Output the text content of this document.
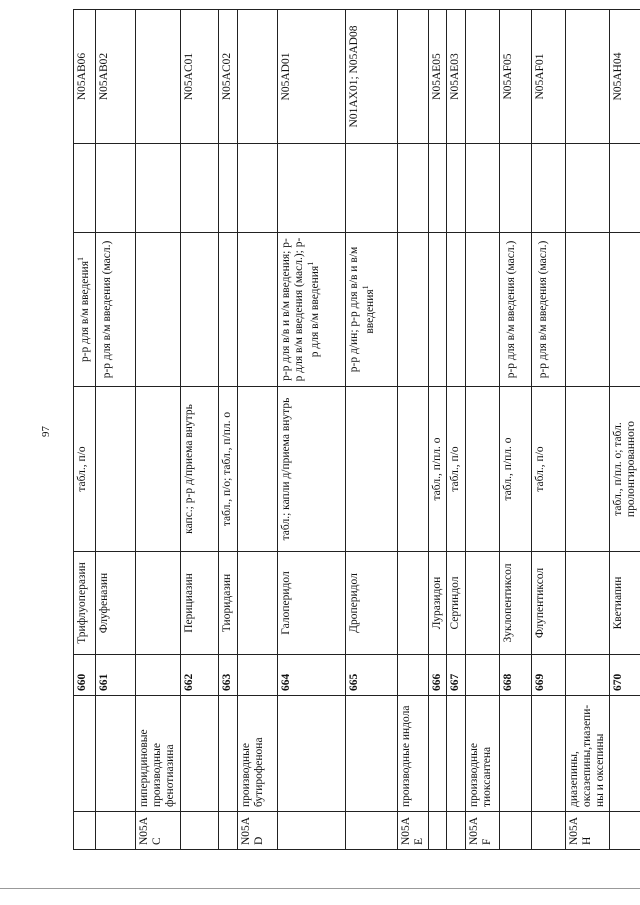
97
		660	Трифлуоперазин	табл., п/о	р-р для в/м введения$^1$		N05AB06
		661	Флуфеназин		р-р для в/м введения (масл.)		N05AB02
N05AC	пиперидиновые производные фенотиазина						
		662	Перициазин	капс.; р-р д/приема внутрь			N05AC01
		663	Тиоридазин	табл., п/о; табл., п/пл. о			N05AC02
N05AD	производные бутирофенона						
		664	Галоперидол	табл.; капли д/приема внутрь	р-р для в/в и в/м введения; р-р для в/м введения (масл.); р-р для в/м введения$^1$		N05AD01
		665	Дроперидол		р-р д/ин; р-р для в/в и в/м введения$^1$		N01AX01; N05AD08
N05AE	производные индола						
		666	Луразидон	табл., п/пл. о			N05AE05
		667	Сертиндол	табл., п/о			N05AE03
N05AF	производные тиоксантена						
		668	Зуклопентиксол	табл., п/пл. о	р-р для в/м введения (масл.)		N05AF05
		669	Флупентиксол	табл., п/о	р-р для в/м введения (масл.)		N05AF01
N05AH	диазепины, оксазепины,тиазепи-ны и оксепины						
		670	Кветиапин	табл., п/пл. о; табл. пролонгированного			N05AH04
